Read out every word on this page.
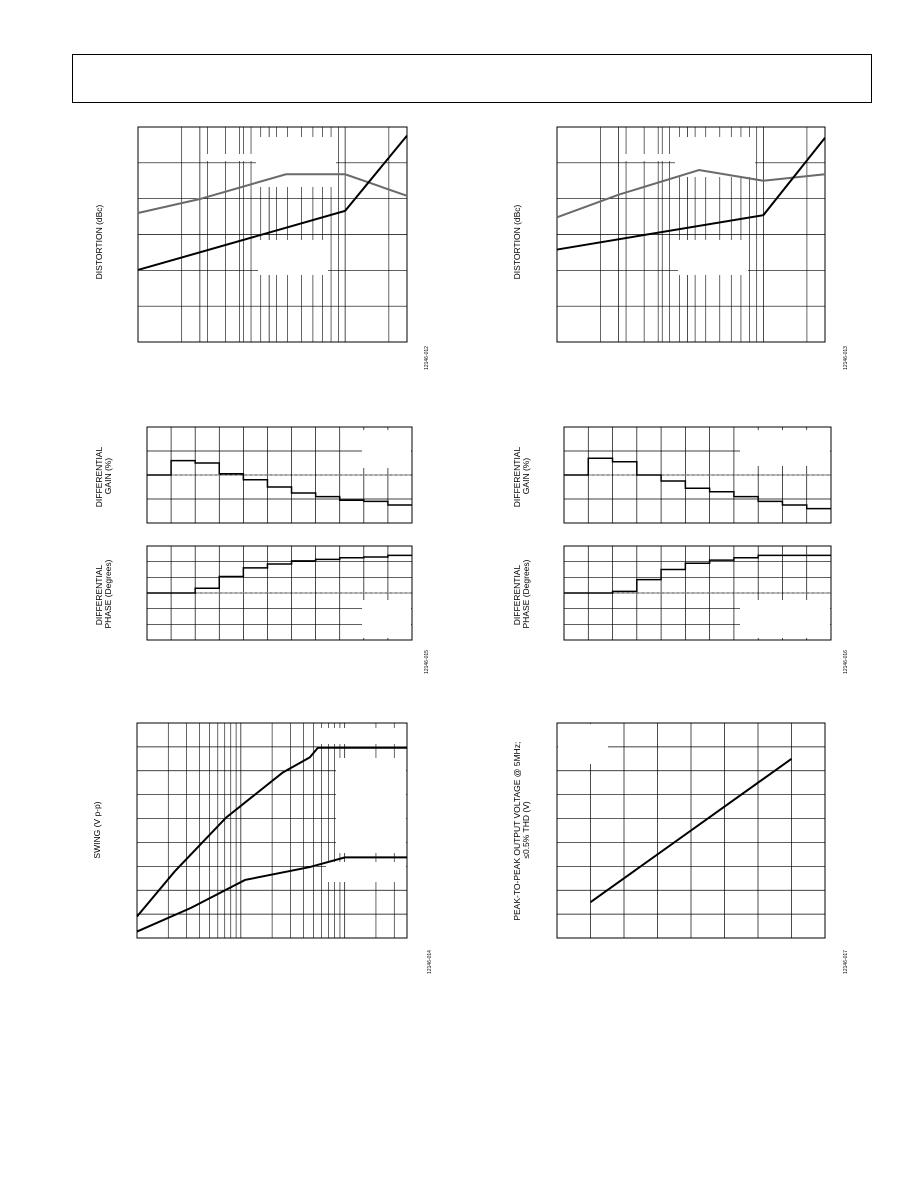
DISTORTION (dBc)
12146-012
DISTORTION (dBc)
12146-013
DIFFERENTIAL GAIN (%)
DIFFERENTIAL PHASE (Degrees)
12146-015
DIFFERENTIAL GAIN (%)
DIFFERENTIAL PHASE (Degrees)
12146-016
SWING (V p-p)
12146-014
PEAK-TO-PEAK OUTPUT VOLTAGE @ 5MHz; ≤0.5% THD (V)
12146-017
